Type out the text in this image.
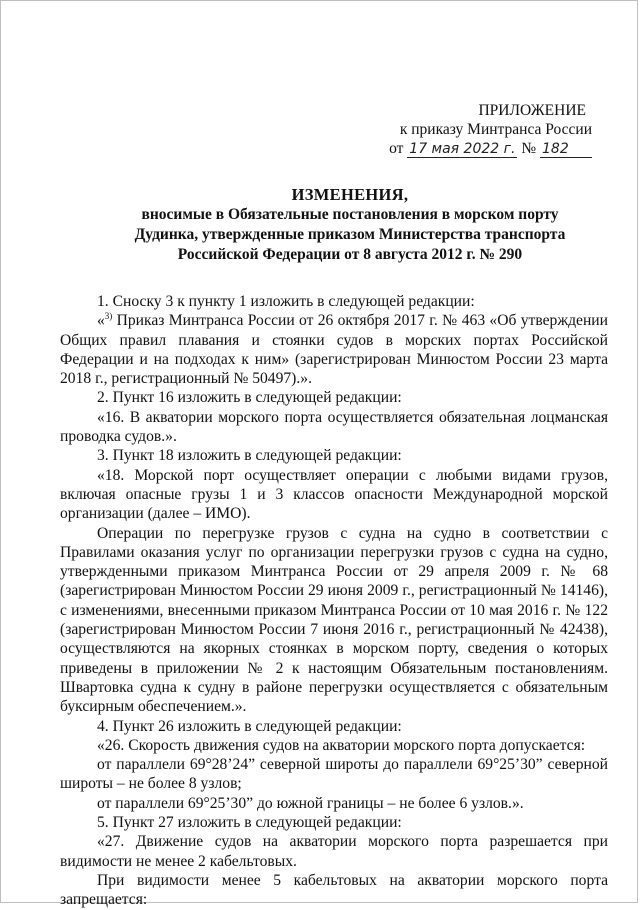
ПРИЛОЖЕНИЕ
к приказу Минтранса России
от 17 мая 2022 г. № 182
ИЗМЕНЕНИЯ,
вносимые в Обязательные постановления в морском порту
Дудинка, утвержденные приказом Министерства транспорта
Российской Федерации от 8 августа 2012 г. № 290

1. Сноску 3 к пункту 1 изложить в следующей редакции:

«$^{3)}$ Приказ Минтранса России от 26 октября 2017 г. № 463 «Об утверждении Общих правил плавания и стоянки судов в морских портах Российской Федерации и на подходах к ним» (зарегистрирован Минюстом России 23 марта 2018 г., регистрационный № 50497).».

2. Пункт 16 изложить в следующей редакции:

«16. В акватории морского порта осуществляется обязательная лоцманская проводка судов.».

3. Пункт 18 изложить в следующей редакции:

«18. Морской порт осуществляет операции с любыми видами грузов, включая опасные грузы 1 и 3 классов опасности Международной морской организации (далее – ИМО).

Операции по перегрузке грузов с судна на судно в соответствии с Правилами оказания услуг по организации перегрузки грузов с судна на судно, утвержденными приказом Минтранса России от 29 апреля 2009 г. № 68 (зарегистрирован Минюстом России 29 июня 2009 г., регистрационный № 14146), с изменениями, внесенными приказом Минтранса России от 10 мая 2016 г. № 122 (зарегистрирован Минюстом России 7 июня 2016 г., регистрационный № 42438), осуществляются на якорных стоянках в морском порту, сведения о которых приведены в приложении № 2 к настоящим Обязательным постановлениям. Швартовка судна к судну в районе перегрузки осуществляется с обязательным буксирным обеспечением.».

4. Пункт 26 изложить в следующей редакции:

«26. Скорость движения судов на акватории морского порта допускается:

от параллели 69°28’24” северной широты до параллели 69°25’30” северной широты – не более 8 узлов;

от параллели 69°25’30” до южной границы – не более 6 узлов.».

5. Пункт 27 изложить в следующей редакции:

«27. Движение судов на акватории морского порта разрешается при видимости не менее 2 кабельтовых.

При видимости менее 5 кабельтовых на акватории морского порта запрещается:
